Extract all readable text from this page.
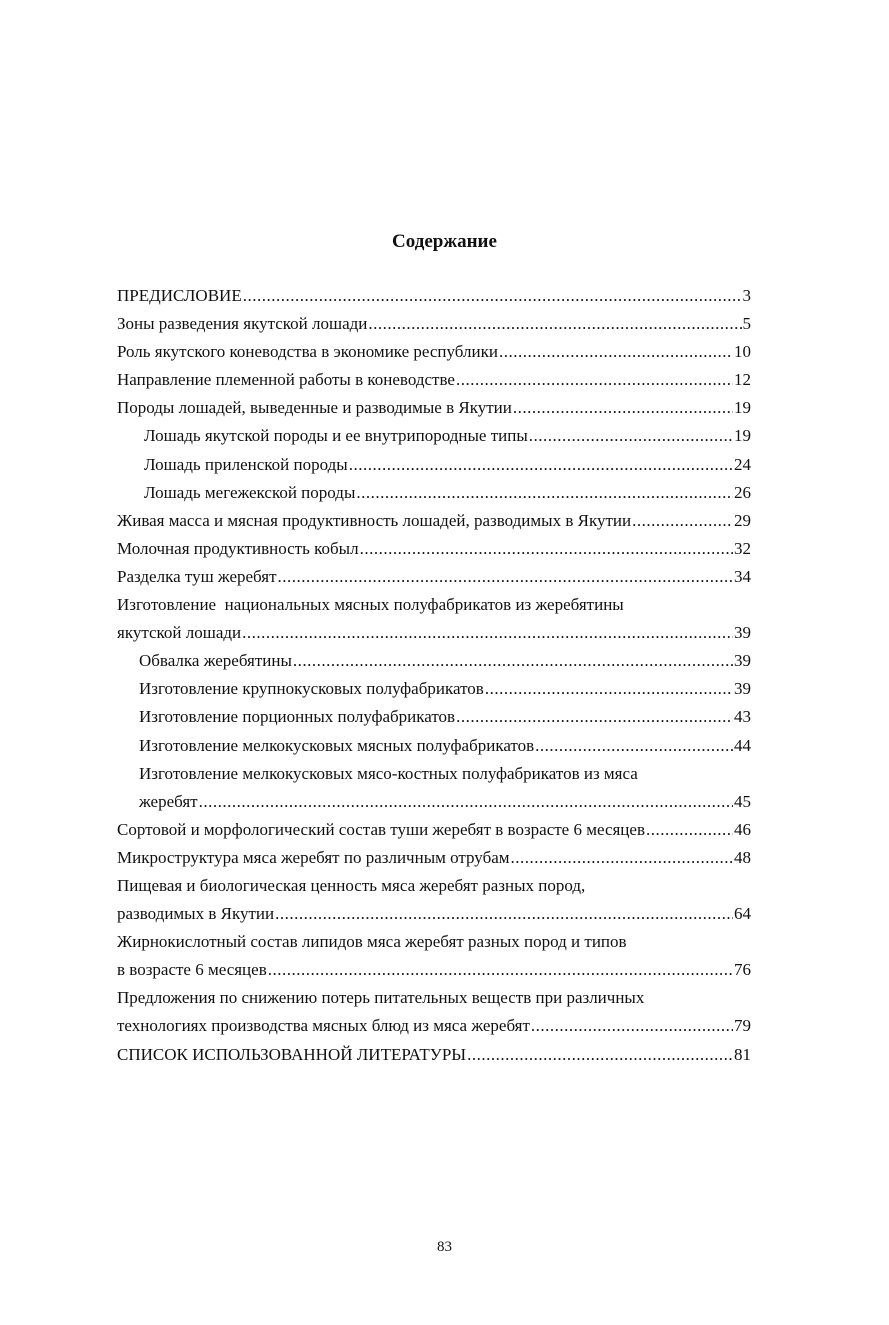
Содержание
ПРЕДИСЛОВИЕ .....	3
Зоны разведения якутской лошади .....	5
Роль якутского коневодства в экономике республики .....	10
Направление племенной работы в коневодстве .....	12
Породы лошадей, выведенные и разводимые в Якутии .....	19
Лошадь якутской породы и ее внутрипородные типы .....	19
Лошадь приленской породы .....	24
Лошадь мегежекской породы .....	26
Живая масса и мясная продуктивность лошадей, разводимых в Якутии .....	29
Молочная продуктивность кобыл .....	32
Разделка туш жеребят .....	34
Изготовление  национальных мясных полуфабрикатов из жеребятины
якутской лошади .....	39
Обвалка жеребятины .....	39
Изготовление крупнокусковых полуфабрикатов .....	39
Изготовление порционных полуфабрикатов .....	43
Изготовление мелкокусковых мясных полуфабрикатов .....	44
Изготовление мелкокусковых мясо-костных полуфабрикатов из мяса
жеребят .....	45
Сортовой и морфологический состав туши жеребят в возрасте 6 месяцев .....	46
Микроструктура мяса жеребят по различным отрубам .....	48
Пищевая и биологическая ценность мяса жеребят разных пород,
разводимых в Якутии .....	64
Жирнокислотный состав липидов мяса жеребят разных пород и типов
в возрасте 6 месяцев .....	76
Предложения по снижению потерь питательных веществ при различных
технологиях производства мясных блюд из мяса жеребят .....	79
СПИСОК ИСПОЛЬЗОВАННОЙ ЛИТЕРАТУРЫ .....	81
83
